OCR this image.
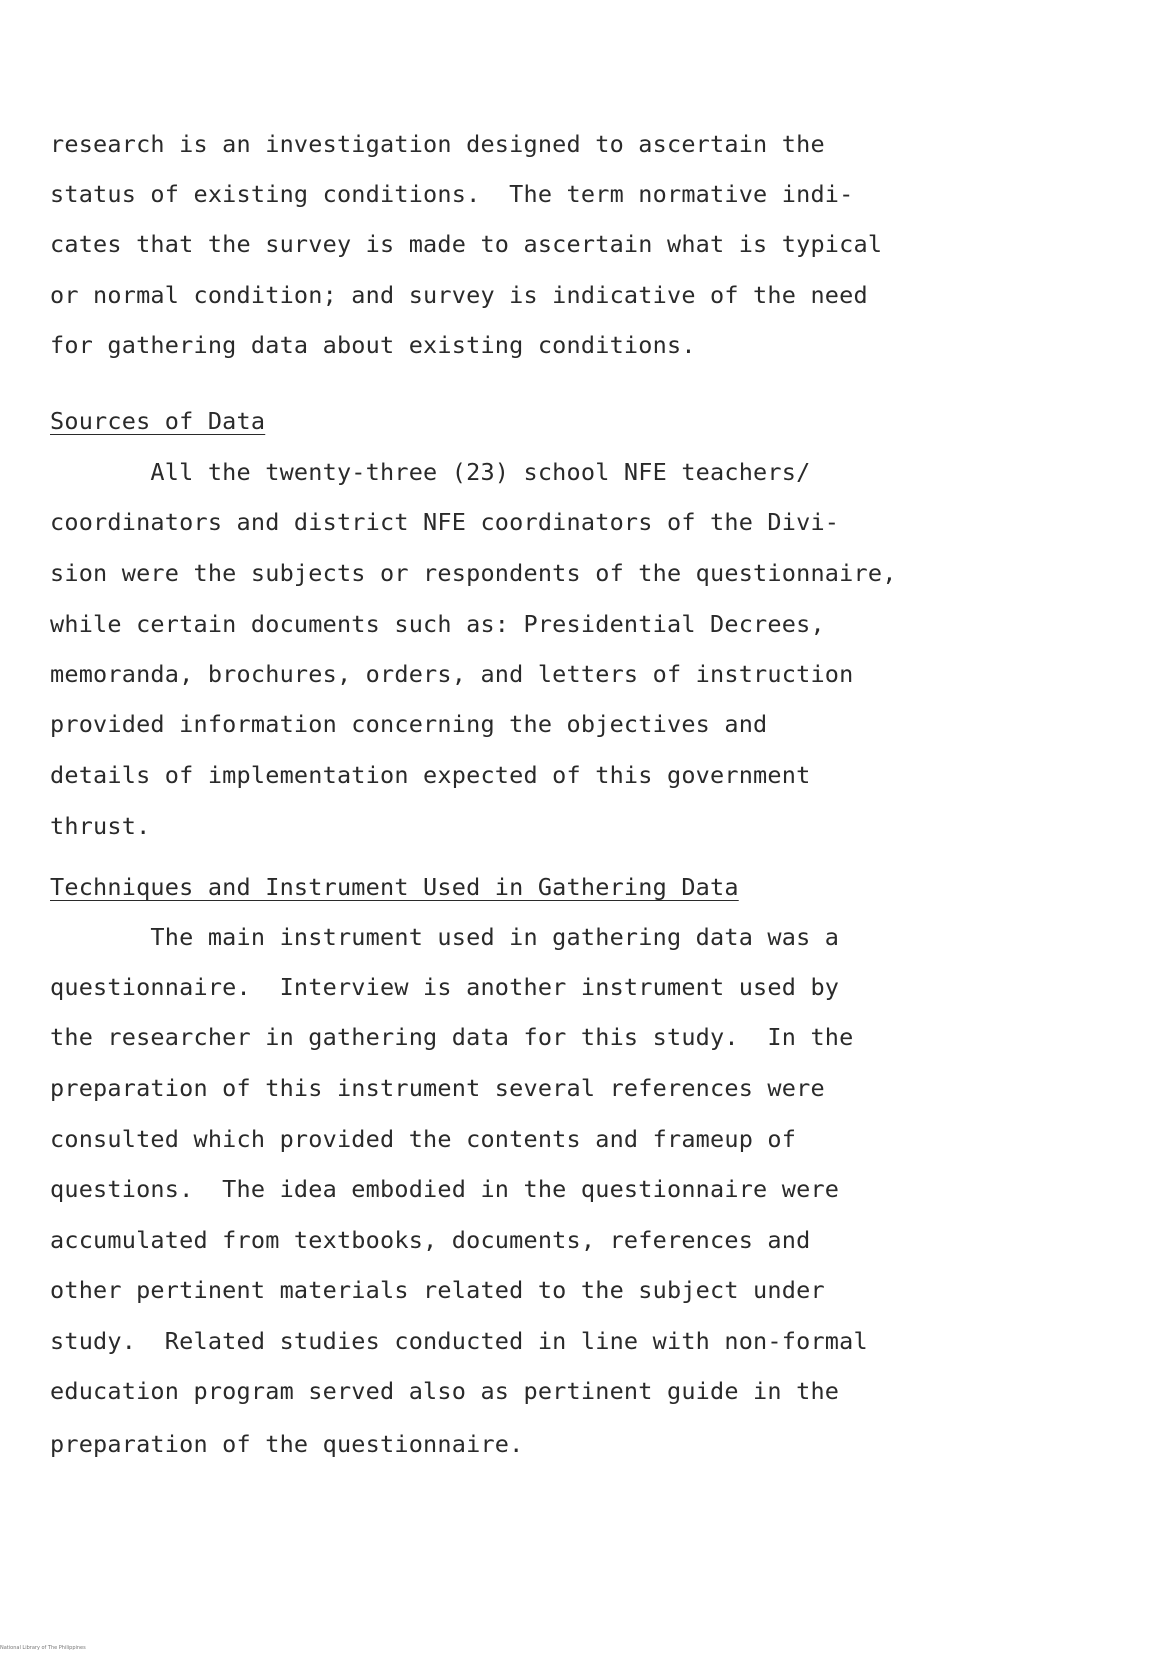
research is an investigation designed to ascertain the
status of existing conditions.  The term normative indi-
cates that the survey is made to ascertain what is typical
or normal condition; and survey is indicative of the need
for gathering data about existing conditions.
Sources of Data
All the twenty-three (23) school NFE teachers/
coordinators and district NFE coordinators of the Divi-
sion were the subjects or respondents of the questionnaire,
while certain documents such as: Presidential Decrees,
memoranda, brochures, orders, and letters of instruction
provided information concerning the objectives and
details of implementation expected of this government
thrust.
Techniques and Instrument Used in Gathering Data
The main instrument used in gathering data was a
questionnaire.  Interview is another instrument used by
the researcher in gathering data for this study.  In the
preparation of this instrument several references were
consulted which provided the contents and frameup of
questions.  The idea embodied in the questionnaire were
accumulated from textbooks, documents, references and
other pertinent materials related to the subject under
study.  Related studies conducted in line with non-formal
education program served also as pertinent guide in the
preparation of the questionnaire.
National Library of The Philippines
